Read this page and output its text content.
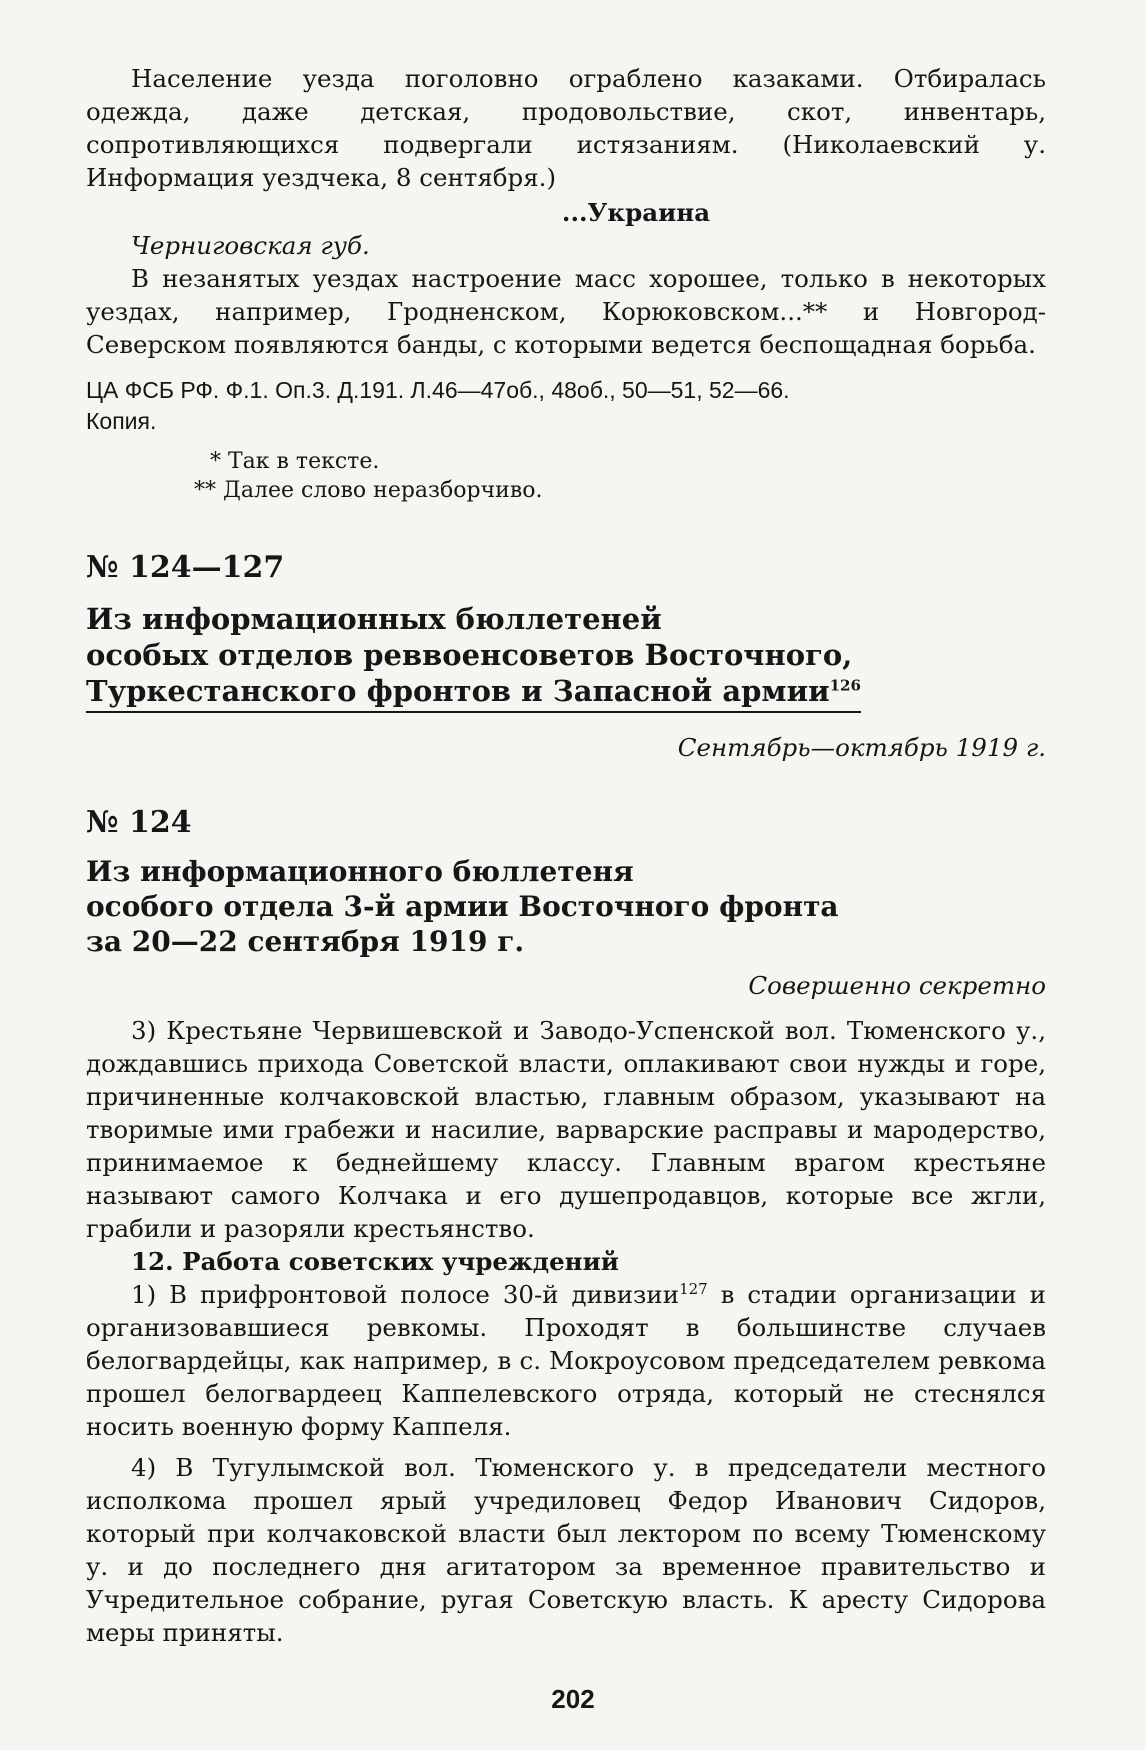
Население уезда поголовно ограблено казаками. Отбиралась одежда, даже детская, продовольствие, скот, инвентарь, сопротивляющихся подвергали истязаниям. (Николаевский у. Информация уездчека, 8 сентября.)

...Украина

Черниговская губ.

В незанятых уездах настроение масс хорошее, только в некоторых уездах, например, Гродненском, Корюковском...** и Новгород-Северском появляются банды, с которыми ведется беспощадная борьба.

ЦА ФСБ РФ. Ф.1. Оп.3. Д.191. Л.46—47об., 48об., 50—51, 52—66.

Копия.

* Так в тексте.
** Далее слово неразборчиво.
№ 124—127
Из информационных бюллетеней
особых отделов реввоенсоветов Восточного,
Туркестанского фронтов и Запасной армии$^{126}$

Сентябрь—октябрь 1919 г.

№ 124
Из информационного бюллетеня
особого отдела 3-й армии Восточного фронта
за 20—22 сентября 1919 г.

Совершенно секретно

3) Крестьяне Червишевской и Заводо-Успенской вол. Тюменского у., дождавшись прихода Советской власти, оплакивают свои нужды и горе, причиненные колчаковской властью, главным образом, указывают на творимые ими грабежи и насилие, варварские расправы и мародерство, принимаемое к беднейшему классу. Главным врагом крестьяне называют самого Колчака и его душепродавцов, которые все жгли, грабили и разоряли крестьянство.

12. Работа советских учреждений

1) В прифронтовой полосе 30-й дивизии$^{127}$ в стадии организации и организовавшиеся ревкомы. Проходят в большинстве случаев белогвардейцы, как например, в с. Мокроусовом председателем ревкома прошел белогвардеец Каппелевского отряда, который не стеснялся носить военную форму Каппеля.

4) В Тугулымской вол. Тюменского у. в председатели местного исполкома прошел ярый учредиловец Федор Иванович Сидоров, который при колчаковской власти был лектором по всему Тюменскому у. и до последнего дня агитатором за временное правительство и Учредительное собрание, ругая Советскую власть. К аресту Сидорова меры приняты.

202
